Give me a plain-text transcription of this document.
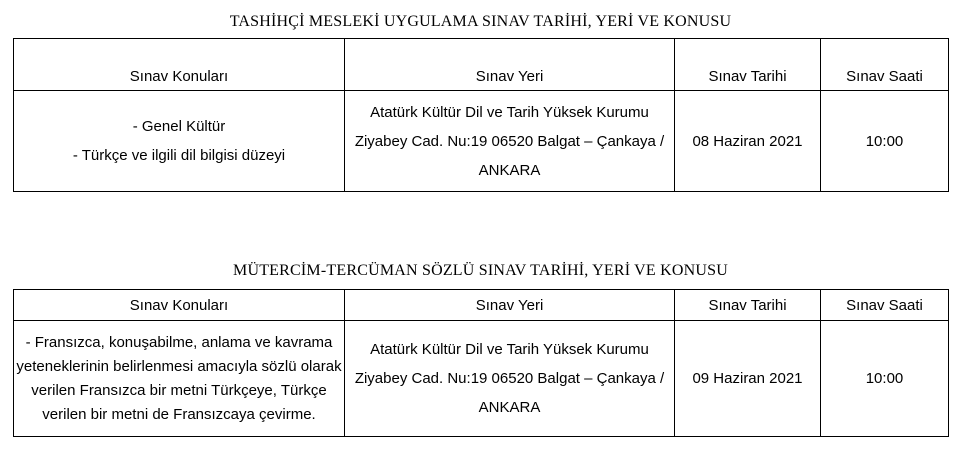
TASHİHÇİ MESLEKİ UYGULAMA SINAV TARİHİ, YERİ VE KONUSU
Sınav Konuları	Sınav Yeri	Sınav Tarihi	Sınav Saati

- Genel Kültür
- Türkçe ve ilgili dil bilgisi düzeyi	Atatürk Kültür Dil ve Tarih Yüksek Kurumu
Ziyabey Cad. Nu:19 06520 Balgat – Çankaya /
ANKARA	08 Haziran 2021	10:00
MÜTERCİM-TERCÜMAN SÖZLÜ SINAV TARİHİ, YERİ VE KONUSU
Sınav Konuları	Sınav Yeri	Sınav Tarihi	Sınav Saati

- Fransızca, konuşabilme, anlama ve kavrama
yeteneklerinin belirlenmesi amacıyla sözlü olarak
verilen Fransızca bir metni Türkçeye, Türkçe
verilen bir metni de Fransızcaya çevirme.	Atatürk Kültür Dil ve Tarih Yüksek Kurumu
Ziyabey Cad. Nu:19 06520 Balgat – Çankaya /
ANKARA	09 Haziran 2021	10:00
